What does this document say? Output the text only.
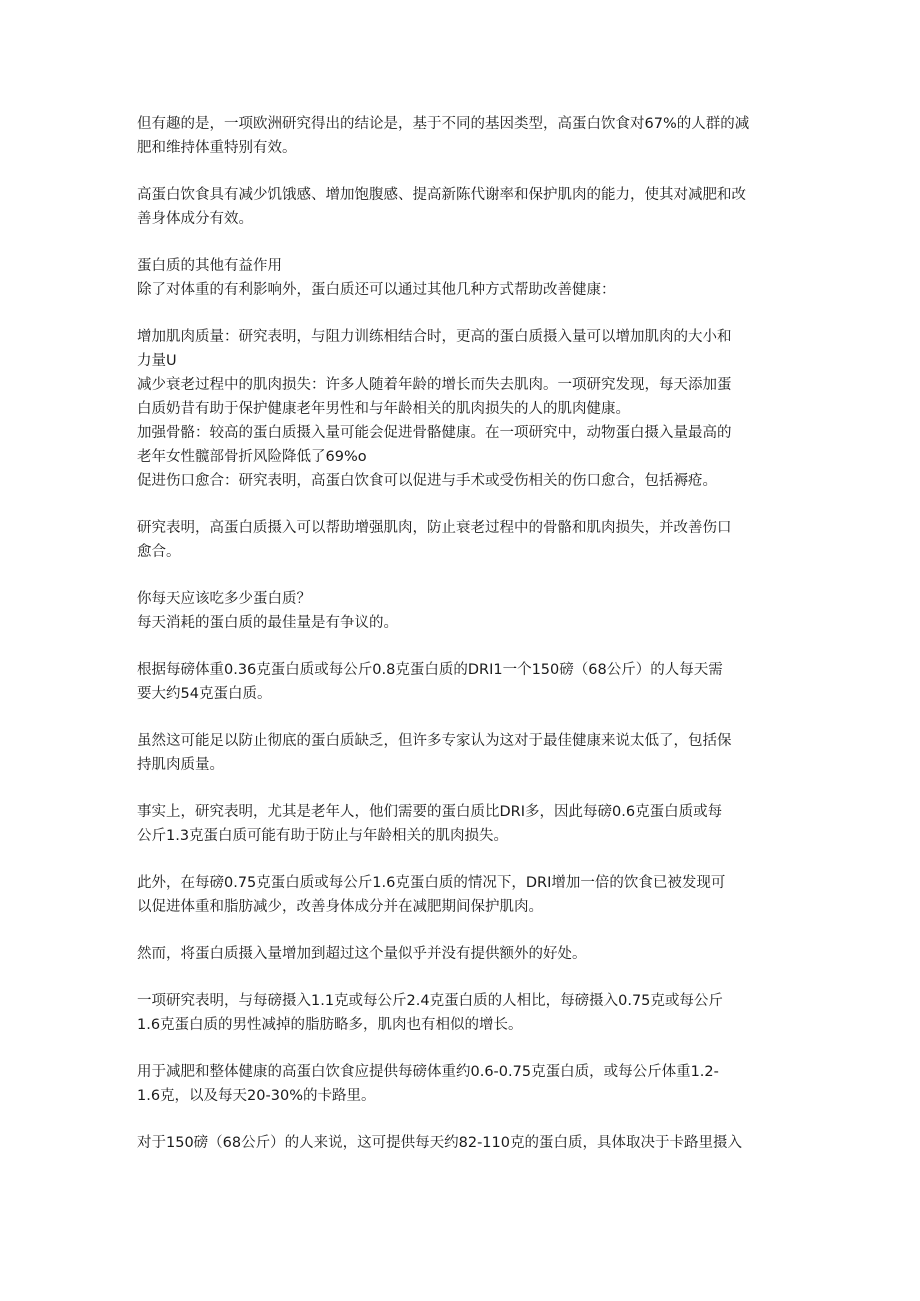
但有趣的是，一项欧洲研究得出的结论是，基于不同的基因类型，高蛋白饮食对67%的人群的减
肥和维持体重特别有效。
高蛋白饮食具有减少饥饿感、增加饱腹感、提高新陈代谢率和保护肌肉的能力，使其对减肥和改
善身体成分有效。
蛋白质的其他有益作用
除了对体重的有利影响外，蛋白质还可以通过其他几种方式帮助改善健康：
增加肌肉质量：研究表明，与阻力训练相结合时，更高的蛋白质摄入量可以增加肌肉的大小和
力量U
减少衰老过程中的肌肉损失：许多人随着年龄的增长而失去肌肉。一项研究发现，每天添加蛋
白质奶昔有助于保护健康老年男性和与年龄相关的肌肉损失的人的肌肉健康。
加强骨骼：较高的蛋白质摄入量可能会促进骨骼健康。在一项研究中，动物蛋白摄入量最高的
老年女性髋部骨折风险降低了69%o
促进伤口愈合：研究表明，高蛋白饮食可以促进与手术或受伤相关的伤口愈合，包括褥疮。
研究表明，高蛋白质摄入可以帮助增强肌肉，防止衰老过程中的骨骼和肌肉损失，并改善伤口
愈合。
你每天应该吃多少蛋白质？
每天消耗的蛋白质的最佳量是有争议的。
根据每磅体重0.36克蛋白质或每公斤0.8克蛋白质的DRI1一个150磅（68公斤）的人每天需
要大约54克蛋白质。
虽然这可能足以防止彻底的蛋白质缺乏，但许多专家认为这对于最佳健康来说太低了，包括保
持肌肉质量。
事实上，研究表明，尤其是老年人，他们需要的蛋白质比DRI多，因此每磅0.6克蛋白质或每
公斤1.3克蛋白质可能有助于防止与年龄相关的肌肉损失。
此外，在每磅0.75克蛋白质或每公斤1.6克蛋白质的情况下，DRI增加一倍的饮食已被发现可
以促进体重和脂肪减少，改善身体成分并在减肥期间保护肌肉。
然而，将蛋白质摄入量增加到超过这个量似乎并没有提供额外的好处。
一项研究表明，与每磅摄入1.1克或每公斤2.4克蛋白质的人相比，每磅摄入0.75克或每公斤
1.6克蛋白质的男性减掉的脂肪略多，肌肉也有相似的增长。
用于减肥和整体健康的高蛋白饮食应提供每磅体重约0.6-0.75克蛋白质，或每公斤体重1.2-
1.6克，以及每天20-30%的卡路里。
对于150磅（68公斤）的人来说，这可提供每天约82-110克的蛋白质，具体取决于卡路里摄入
